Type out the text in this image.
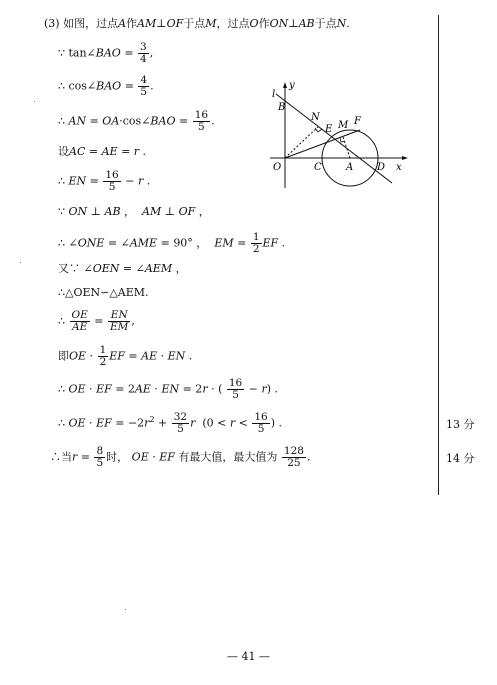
(3) 如图，过点A作AM⊥OF于点M，过点O作ON⊥AB于点N.
∵ tan∠BAO = $\frac{3}{4}$ ,
∴ cos∠BAO = $\frac{4}{5}$ .
∴ AN = OA·cos∠BAO = $\frac{16}{5}$ .
设AC = AE = r .
∴ EN = $\frac{16}{5} - r$ .
∵ ON ⊥ AB ，  AM ⊥ OF ，
∴ ∠ONE = ∠AME = 90° ，  EM = $\frac{1}{2}$ EF .
又∵ ∠OEN = ∠AEM ，
∴△OEN∽△AEM.
∴ $\frac{OE}{AE} = \frac{EN}{EM}$ ,
即OE · $\frac{1}{2}$ EF = AE · EN .
∴ OE · EF = 2AE · EN = 2r · ( $\frac{16}{5} - r$) .
∴ OE · EF = $-2r^2 + \frac{32}{5}$ r  ($0 < r < \frac{16}{5}$ ) .
∴当$r = \frac{8}{5}$ 时， OE · EF 有最大值，最大值为 $\frac{128}{25}$ .
13 分
14 分
l
y
B
N
E M F
O	C A D x
— 41 —
